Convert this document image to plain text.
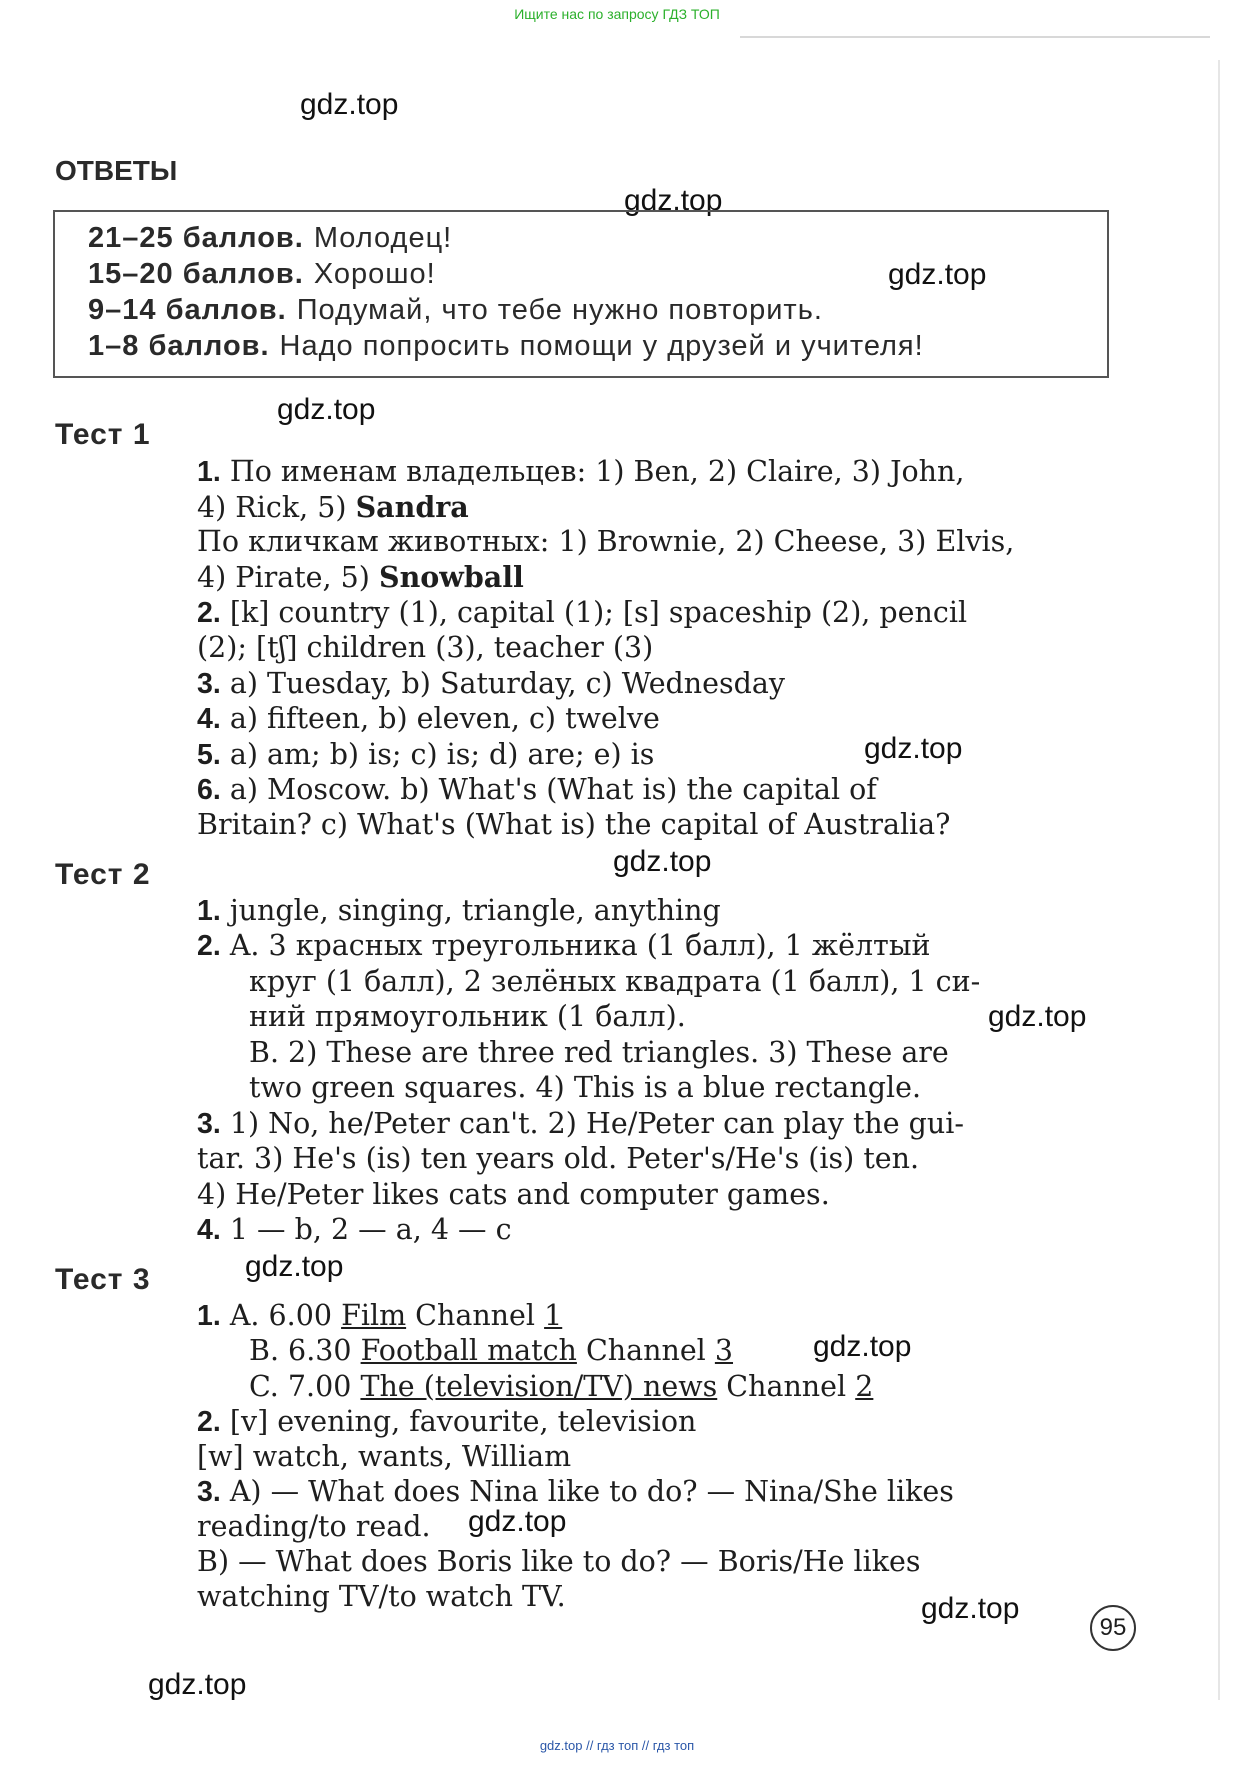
Ищите нас по запросу ГДЗ ТОП
gdz.top
gdz.top
gdz.top
gdz.top
gdz.top
gdz.top
gdz.top
gdz.top
gdz.top
gdz.top
gdz.top
gdz.top
ОТВЕТЫ
21–25 баллов. Молодец!
15–20 баллов. Хорошо!
9–14 баллов. Подумай, что тебе нужно повторить.
1–8 баллов. Надо попросить помощи у друзей и учителя!
Тест 1
1.
По именам владельцев: 1) Ben, 2) Claire, 3) John,
4) Rick, 5) Sandra
По кличкам животных: 1) Brownie, 2) Cheese, 3) Elvis,
4) Pirate, 5) Snowball
2. [k] country (1), capital (1); [s] spaceship (2), pencil
(2); [tʃ] children (3), teacher (3)
3. a) Tuesday, b) Saturday, c) Wednesday
4. a) fifteen, b) eleven, c) twelve
5. a) am; b) is; c) is; d) are; e) is
6. a) Moscow. b) What's (What is) the capital of
Britain? c) What's (What is) the capital of Australia?
Тест 2
1. jungle, singing, triangle, anything
2. A. 3 красных треугольника (1 балл), 1 жёлтый
круг (1 балл), 2 зелёных квадрата (1 балл), 1 си-
ний прямоугольник (1 балл).
B. 2) These are three red triangles. 3) These are
two green squares. 4) This is a blue rectangle.
3. 1) No, he/Peter can't. 2) He/Peter can play the gui-
tar. 3) He's (is) ten years old. Peter's/He's (is) ten.
4) He/Peter likes cats and computer games.
4. 1 — b, 2 — a, 4 — c
Тест 3
1. A. 6.00 Film Channel 1
B. 6.30 Football match Channel 3
C. 7.00 The (television/TV) news Channel 2
2. [v] evening, favourite, television
[w] watch, wants, William
3. A) — What does Nina like to do? — Nina/She likes
reading/to read.
B) — What does Boris like to do? — Boris/He likes
watching TV/to watch TV.
95
gdz.top // гдз топ // гдз топ
